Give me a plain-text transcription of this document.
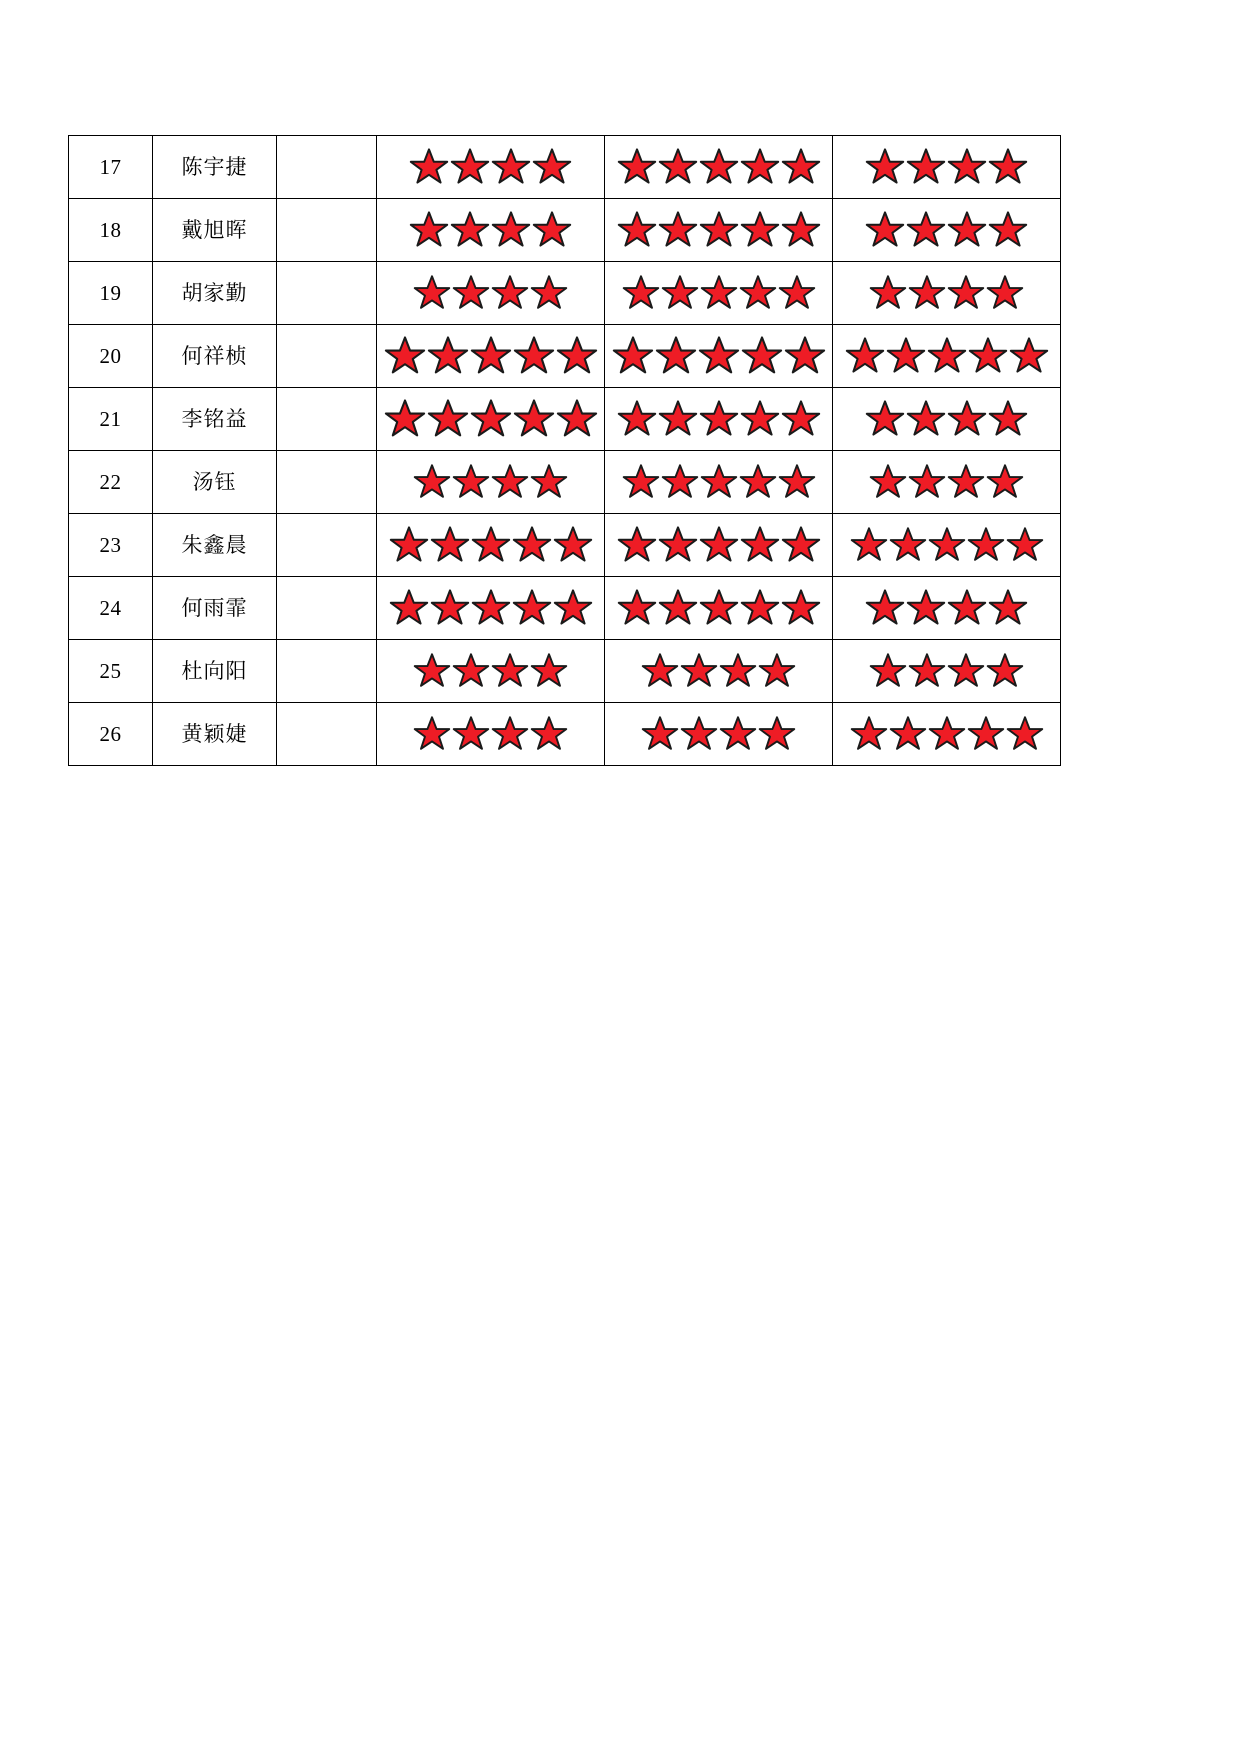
17	陈宇捷		

18	戴旭晖		

19	胡家勤		

20	何祥桢		

21	李铭益		

22	汤钰		

23	朱鑫晨		

24	何雨霏		

25	杜向阳		

26	黄颖婕		
